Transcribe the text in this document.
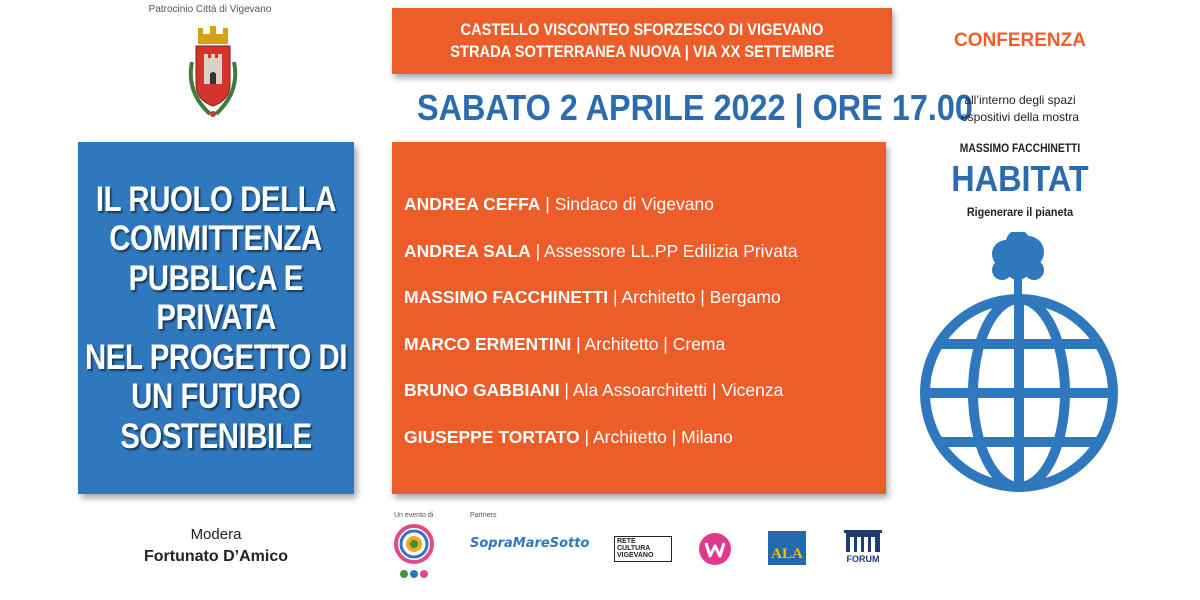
Patrocinio Città di Vigevano
IL RUOLO DELLA
COMMITTENZA
PUBBLICA E
PRIVATA
NEL PROGETTO DI
UN FUTURO
SOSTENIBILE
Modera
Fortunato D’Amico
CASTELLO VISCONTEO SFORZESCO DI VIGEVANO
STRADA SOTTERRANEA NUOVA | VIA XX SETTEMBRE
SABATO 2 APRILE 2022 | ORE 17.00
ANDREA CEFFA | Sindaco di Vigevano
ANDREA SALA | Assessore LL.PP Edilizia Privata
MASSIMO FACCHINETTI | Architetto | Bergamo
MARCO ERMENTINI | Architetto | Crema
BRUNO GABBIANI | Ala Assoarchitetti | Vicenza
GIUSEPPE TORTATO | Architetto | Milano
Un evento di	Partners
SopraMareSotto	RETE
CULTURA
VIGEVANO	ALA	FORUM
CONFERENZA
all’interno degli spazi
espositivi della mostra
MASSIMO FACCHINETTI
HABITAT
Rigenerare il pianeta
